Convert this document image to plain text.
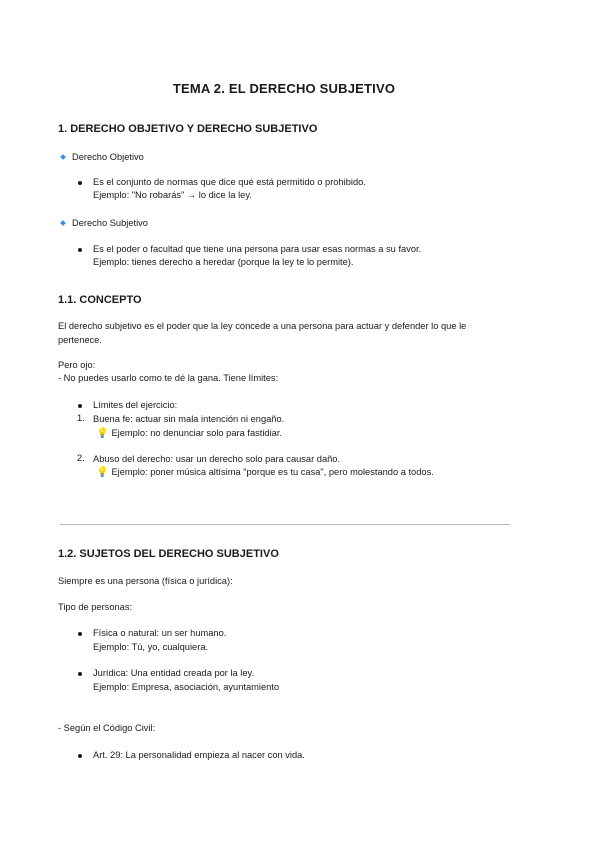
TEMA 2. EL DERECHO SUBJETIVO
1. DERECHO OBJETIVO Y DERECHO SUBJETIVO
Derecho Objetivo
Es el conjunto de normas que dice qué está permitido o prohibido.
Ejemplo: "No robarás" → lo dice la ley.
Derecho Subjetivo
Es el poder o facultad que tiene una persona para usar esas normas a su favor.
Ejemplo: tienes derecho a heredar (porque la ley te lo permite).
1.1. CONCEPTO
El derecho subjetivo es el poder que la ley concede a una persona para actuar y defender lo que le
pertenece.
Pero ojo:
- No puedes usarlo como te dé la gana. Tiene límites:
Límites del ejercicio:
1. Buena fe: actuar sin mala intención ni engaño.
💡 Ejemplo: no denunciar solo para fastidiar.
2. Abuso del derecho: usar un derecho solo para causar daño.
💡 Ejemplo: poner música altísima "porque es tu casa", pero molestando a todos.
1.2. SUJETOS DEL DERECHO SUBJETIVO
Siempre es una persona (física o jurídica):
Tipo de personas:
Física o natural: un ser humano.
Ejemplo: Tú, yo, cualquiera.
Jurídica: Una entidad creada por la ley.
Ejemplo: Empresa, asociación, ayuntamiento
- Según el Código Civil:
Art. 29: La personalidad empieza al nacer con vida.
